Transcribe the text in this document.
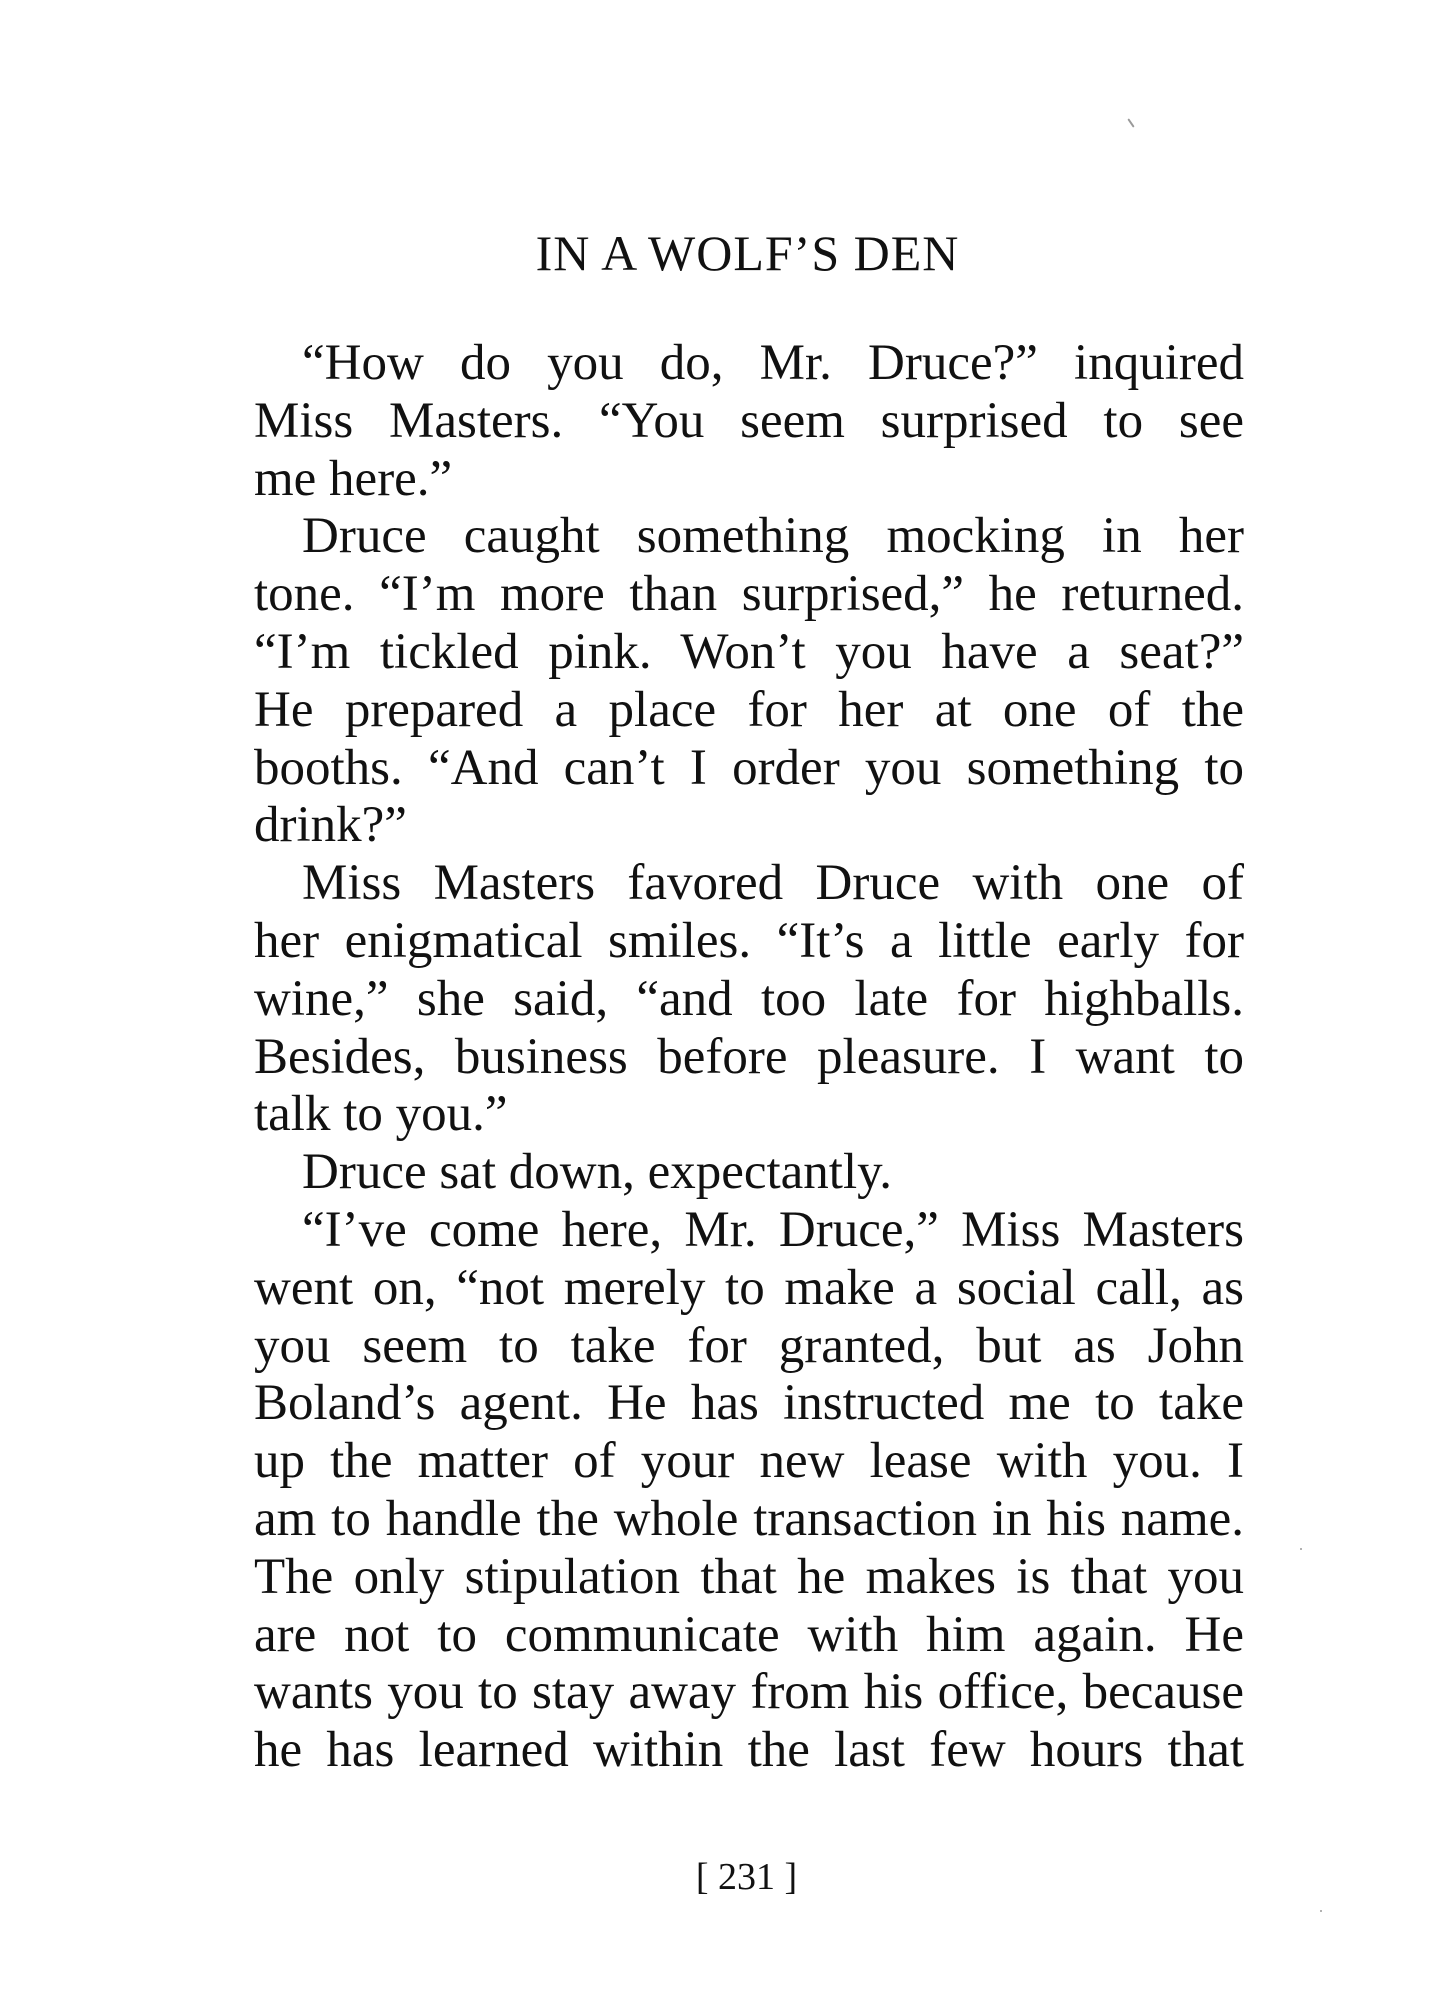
IN A WOLF’S DEN
“How do you do, Mr. Druce?” inquired
Miss Masters. “You seem surprised to see
me here.”
Druce caught something mocking in her
tone. “I’m more than surprised,” he returned.
“I’m tickled pink. Won’t you have a seat?”
He prepared a place for her at one of the
booths. “And can’t I order you something to
drink?”
Miss Masters favored Druce with one of
her enigmatical smiles. “It’s a little early for
wine,” she said, “and too late for highballs.
Besides, business before pleasure. I want to
talk to you.”
Druce sat down, expectantly.
“I’ve come here, Mr. Druce,” Miss Masters
went on, “not merely to make a social call, as
you seem to take for granted, but as John
Boland’s agent. He has instructed me to take
up the matter of your new lease with you. I
am to handle the whole transaction in his name.
The only stipulation that he makes is that you
are not to communicate with him again. He
wants you to stay away from his office, because
he has learned within the last few hours that
[ 231 ]
